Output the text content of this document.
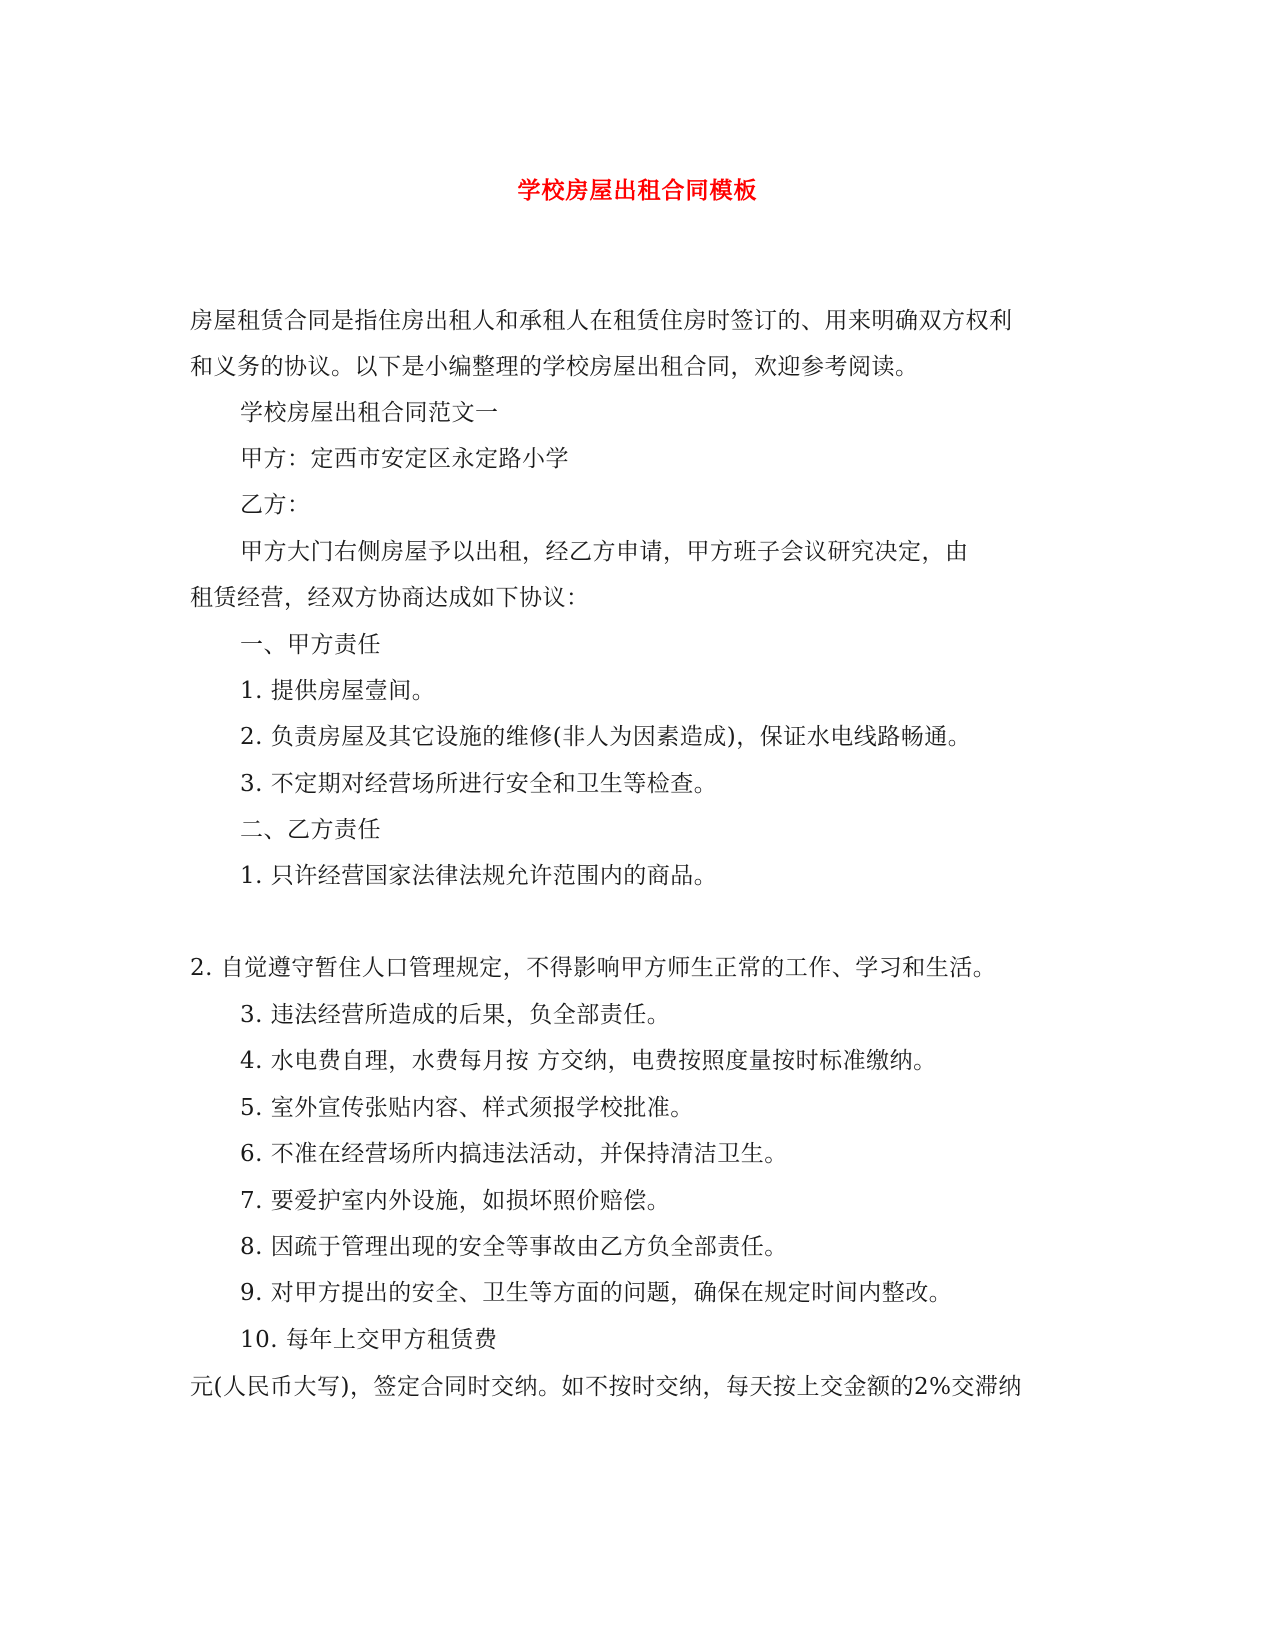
学校房屋出租合同模板
房屋租赁合同是指住房出租人和承租人在租赁住房时签订的、用来明确双方权利
和义务的协议。以下是小编整理的学校房屋出租合同，欢迎参考阅读。
学校房屋出租合同范文一
甲方：定西市安定区永定路小学
乙方：
甲方大门右侧房屋予以出租，经乙方申请，甲方班子会议研究决定，由
租赁经营，经双方协商达成如下协议：
一、甲方责任
1. 提供房屋壹间。
2. 负责房屋及其它设施的维修(非人为因素造成)，保证水电线路畅通。
3. 不定期对经营场所进行安全和卫生等检查。
二、乙方责任
1. 只许经营国家法律法规允许范围内的商品。
2. 自觉遵守暂住人口管理规定，不得影响甲方师生正常的工作、学习和生活。
3. 违法经营所造成的后果，负全部责任。
4. 水电费自理，水费每月按 方交纳，电费按照度量按时标准缴纳。
5. 室外宣传张贴内容、样式须报学校批准。
6. 不准在经营场所内搞违法活动，并保持清洁卫生。
7. 要爱护室内外设施，如损坏照价赔偿。
8. 因疏于管理出现的安全等事故由乙方负全部责任。
9. 对甲方提出的安全、卫生等方面的问题，确保在规定时间内整改。
10. 每年上交甲方租赁费
元(人民币大写)，签定合同时交纳。如不按时交纳，每天按上交金额的2%交滞纳
